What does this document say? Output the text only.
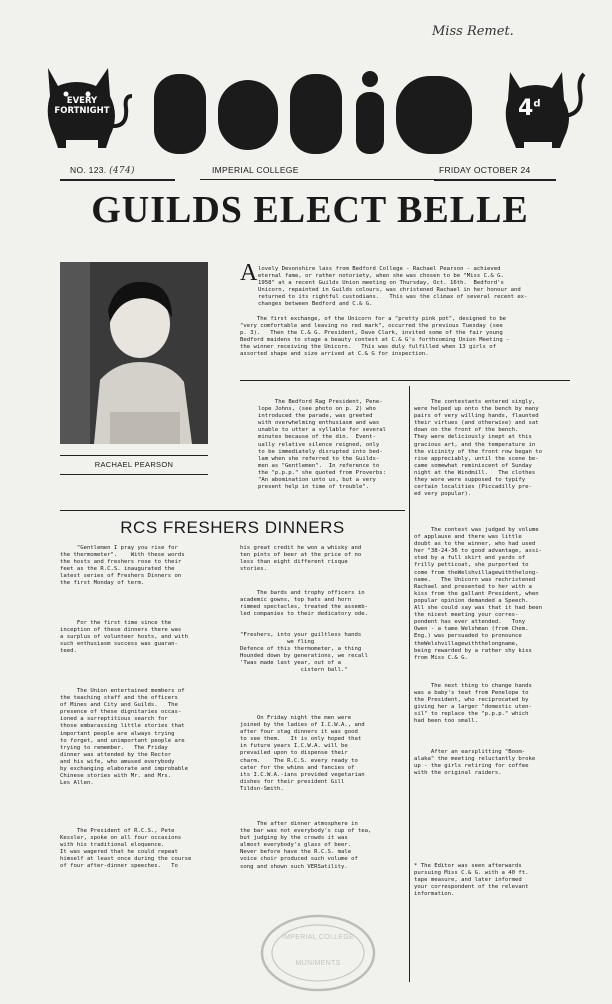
Miss Remet.
EVERY
FORTNIGHT	4$^d$
NO. 123. (474)	IMPERIAL COLLEGE	FRIDAY OCTOBER 24
GUILDS ELECT BELLE
RACHAEL PEARSON
A lovely Devonshire lass from Bedford College - Rachael Pearson - achieved
eternal fame, or rather notoriety, when she was chosen to be "Miss C.& G.
1958" at a recent Guilds Union meeting on Thursday, Oct. 16th.  Bedford's
Unicorn, repainted in Guilds colours, was christened Rachael in her honour and
returned to its rightful custodians.   This was the climax of several recent ex-
changes between Bedford and C.& G.
The first exchange, of the Unicorn for a "pretty pink pot", designed to be
"very comfortable and leaving no red mark", occurred the previous Tuesday (see
p. 3).   Then the C.& G. President, Dave Clark, invited some of the fair young
Bedford maidens to stage a beauty contest at C.& G's forthcoming Union Meeting -
the winner receiving the Unicorn.   This was duly fulfilled when 13 girls of
assorted shape and size arrived at C.& G for inspection.
The Bedford Rag President, Pene-
lope Johns, (see photo on p. 2) who
introduced the parade, was greeted
with overwhelming enthusiasm and was
unable to utter a syllable for several
minutes because of the din.  Event-
ually relative silence reigned, only
to be immediately disrupted into bed-
lam when she referred to the Guilds-
men as "Gentlemen".  In reference to
the "p.p.p." she quoted from Proverbs:
"An abomination unto us, but a very
present help in time of trouble".
The contestants entered singly,
were helped up onto the bench by many
pairs of very willing hands, flaunted
their virtues (and otherwise) and sat
down on the front of the bench.
They were deliciously inept at this
gracious art, and the temperature in
the vicinity of the front row began to
rise appreciably, until the scene be-
came somewhat reminiscent of Sunday
night at the Windmill.   The clothes
they wore were supposed to typify
certain localities (Piccadilly pre-
ed very popular).
The contest was judged by volume
of applause and there was little
doubt as to the winner, who had used
her "38-24-36 to good advantage, assi-
sted by a full skirt and yards of
frilly petticoat, she purported to
come from theWelshvillagewiththelong-
name.   The Unicorn was rechristened
Rachael and presented to her with a
kiss from the gallant President, when
popular opinion demanded a Speech.
All she could say was that it had been
the nicest meeting your corres-
pondent has ever attended.   Tony
Owen - a tame Welshman (from Chem.
Eng.) was persuaded to pronounce
theWelshvillagewiththelongname,
being rewarded by a rather shy kiss
from Miss C.& G.
The next thing to change hands
was a baby's teat from Penelope to
the President, who reciprocated by
giving her a larger "domestic uten-
sil" to replace the "p.p.p." which
had been too small.
After an earsplitting "Boom-
alaka" the meeting reluctantly broke
up - the girls retiring for coffee
with the original raiders.
* The Editor was seen afterwards
pursuing Miss C.& G. with a 40 ft.
tape measure, and later informed
your correspondent of the relevant
information.
RCS FRESHERS DINNERS
"Gentlemen I pray you rise for
the thermometer".    With these words
the hosts and freshers rose to their
feet as the R.C.S. inaugurated the
latest series of Freshers Dinners on
the first Monday of term.
For the first time since the
inception of these dinners there was
a surplus of volunteer hosts, and with
such enthusiasm success was guaran-
teed.
The Union entertained members of
the teaching staff and the officers
of Mines and City and Guilds.   The
presence of these dignitaries occas-
ioned a surreptitious search for
those embarassing little stories that
important people are always trying
to forget, and unimportant people are
trying to remember.   The Friday
dinner was attended by the Rector
and his wife, who amused everybody
by exchanging elaborate and improbable
Chinese stories with Mr. and Mrs.
Les Allen.
The President of R.C.S., Pete
Kessler, spoke on all four occasions
with his traditional eloquence.
It was wagered that he could repeat
himself at least once during the course
of four after-dinner speeches.   To
his great credit he won a whisky and
ten pints of beer at the price of no
less than eight different risque
stories.
The bards and trophy officers in
academic gowns, top hats and horn
rimmed spectacles, treated the assemb-
led companies to their dedicatory ode.
"Freshers, into your guiltless hands
we fling
Defence of this thermometer, a thing
Hounded down by generations, we recall
'Twas made last year, out of a
cistern ball."
On Friday night the men were
joined by the ladies of I.C.W.A., and
after four stag dinners it was good
to see them.   It is only hoped that
in future years I.C.W.A. will be
prevailed upon to dispense their
charm.    The R.C.S. every ready to
cater for the whims and fancies of
its I.C.W.A.-ians provided vegetarian
dishes for their president Gill
Tildsn-Smith.
The after dinner atmosphere in
the bar was not everybody's cup of tea,
but judging by the crowds it was
almost everybody's glass of beer.
Never before have the R.C.S. male
voice choir produced such volume of
song and shown such VERSatility.
IMPERIAL COLLEGE
MUNIMENTS
